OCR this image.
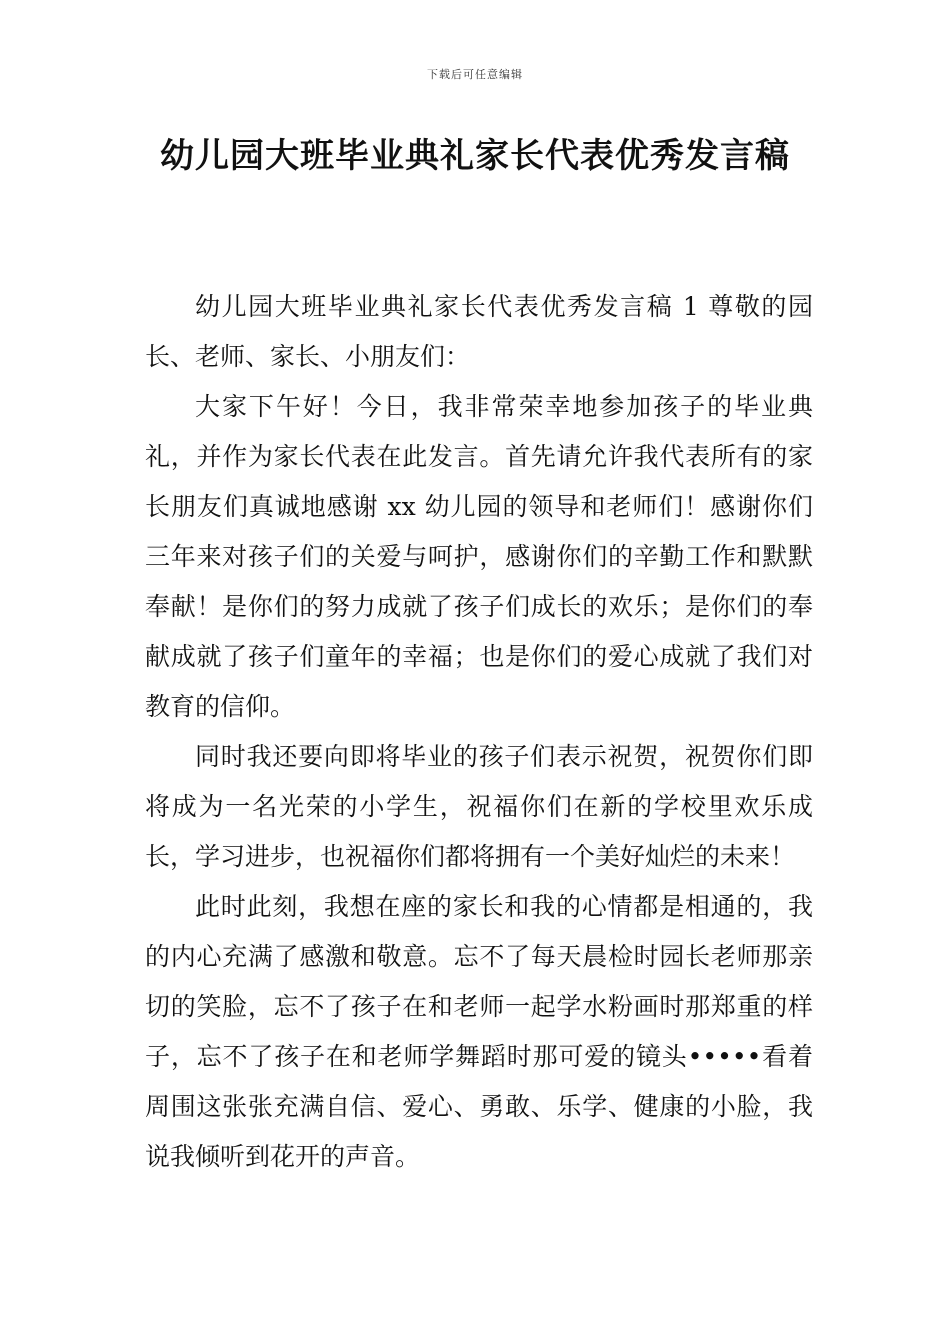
下载后可任意编辑
幼儿园大班毕业典礼家长代表优秀发言稿

幼儿园大班毕业典礼家长代表优秀发言稿 1 尊敬的园长、老师、家长、小朋友们：

大家下午好！今日，我非常荣幸地参加孩子的毕业典礼，并作为家长代表在此发言。首先请允许我代表所有的家长朋友们真诚地感谢 xx 幼儿园的领导和老师们！感谢你们三年来对孩子们的关爱与呵护，感谢你们的辛勤工作和默默奉献！是你们的努力成就了孩子们成长的欢乐；是你们的奉献成就了孩子们童年的幸福；也是你们的爱心成就了我们对教育的信仰。

同时我还要向即将毕业的孩子们表示祝贺，祝贺你们即将成为一名光荣的小学生，祝福你们在新的学校里欢乐成长，学习进步，也祝福你们都将拥有一个美好灿烂的未来！

此时此刻，我想在座的家长和我的心情都是相通的，我的内心充满了感激和敬意。忘不了每天晨检时园长老师那亲切的笑脸，忘不了孩子在和老师一起学水粉画时那郑重的样子，忘不了孩子在和老师学舞蹈时那可爱的镜头•••••看着周围这张张充满自信、爱心、勇敢、乐学、健康的小脸，我说我倾听到花开的声音。
